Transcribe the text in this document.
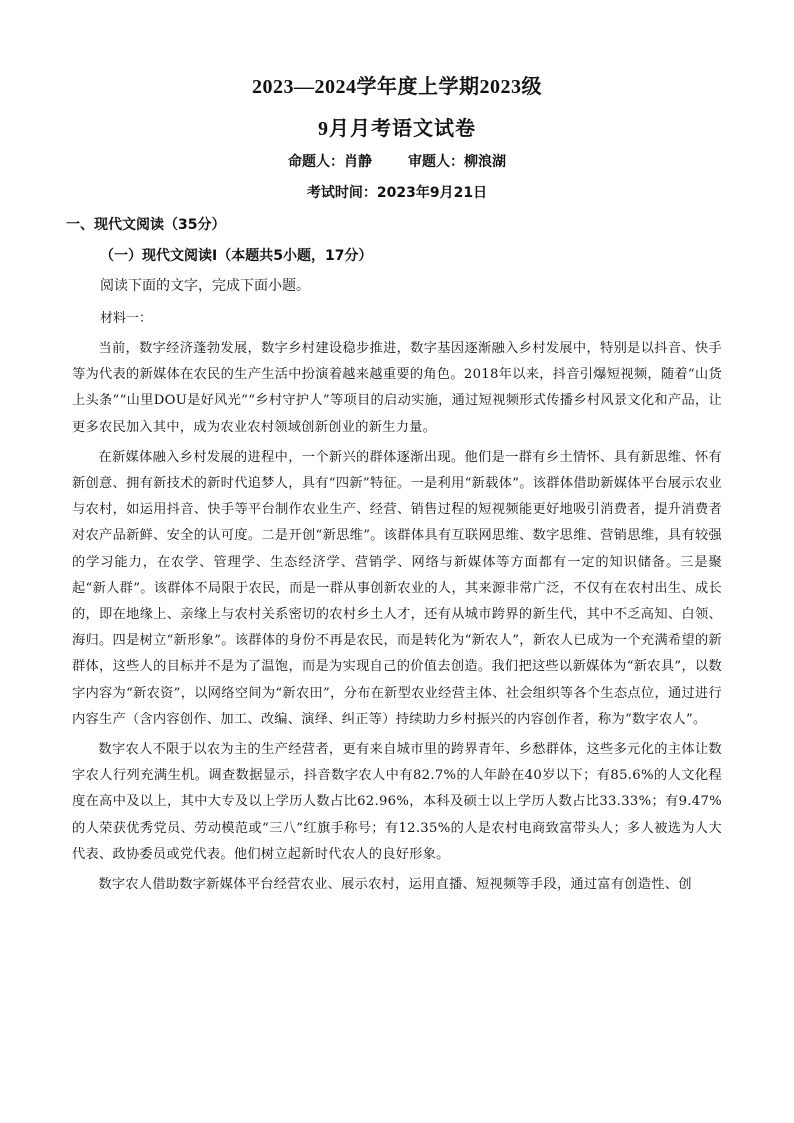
2023—2024学年度上学期2023级
9月月考语文试卷
命题人：肖静	审题人：柳浪湖
考试时间：2023年9月21日
一、现代文阅读（35分）
（一）现代文阅读Ⅰ（本题共5小题，17分）
阅读下面的文字，完成下面小题。
材料一：

当前，数字经济蓬勃发展，数字乡村建设稳步推进，数字基因逐渐融入乡村发展中，特别是以抖音、快手等为代表的新媒体在农民的生产生活中扮演着越来越重要的角色。2018年以来，抖音引爆短视频，随着“山货上头条”“山里DOU是好风光”“乡村守护人”等项目的启动实施，通过短视频形式传播乡村风景文化和产品，让更多农民加入其中，成为农业农村领域创新创业的新生力量。

在新媒体融入乡村发展的进程中，一个新兴的群体逐渐出现。他们是一群有乡土情怀、具有新思维、怀有新创意、拥有新技术的新时代追梦人，具有“四新”特征。一是利用“新载体”。该群体借助新媒体平台展示农业与农村，如运用抖音、快手等平台制作农业生产、经营、销售过程的短视频能更好地吸引消费者，提升消费者对农产品新鲜、安全的认可度。二是开创“新思维”。该群体具有互联网思维、数字思维、营销思维，具有较强的学习能力，在农学、管理学、生态经济学、营销学、网络与新媒体等方面都有一定的知识储备。三是聚起“新人群”。该群体不局限于农民，而是一群从事创新农业的人，其来源非常广泛，不仅有在农村出生、成长的，即在地缘上、亲缘上与农村关系密切的农村乡土人才，还有从城市跨界的新生代，其中不乏高知、白领、海归。四是树立“新形象”。该群体的身份不再是农民，而是转化为“新农人”，新农人已成为一个充满希望的新群体，这些人的目标并不是为了温饱，而是为实现自己的价值去创造。我们把这些以新媒体为“新农具”，以数字内容为“新农资”，以网络空间为“新农田”，分布在新型农业经营主体、社会组织等各个生态点位，通过进行内容生产（含内容创作、加工、改编、演绎、纠正等）持续助力乡村振兴的内容创作者，称为“数字农人”。

数字农人不限于以农为主的生产经营者，更有来自城市里的跨界青年、乡愁群体，这些多元化的主体让数字农人行列充满生机。调查数据显示，抖音数字农人中有82.7%的人年龄在40岁以下；有85.6%的人文化程度在高中及以上，其中大专及以上学历人数占比62.96%，本科及硕士以上学历人数占比33.33%；有9.47%的人荣获优秀党员、劳动模范或“三八”红旗手称号；有12.35%的人是农村电商致富带头人；多人被选为人大代表、政协委员或党代表。他们树立起新时代农人的良好形象。

数字农人借助数字新媒体平台经营农业、展示农村，运用直播、短视频等手段，通过富有创造性、创
